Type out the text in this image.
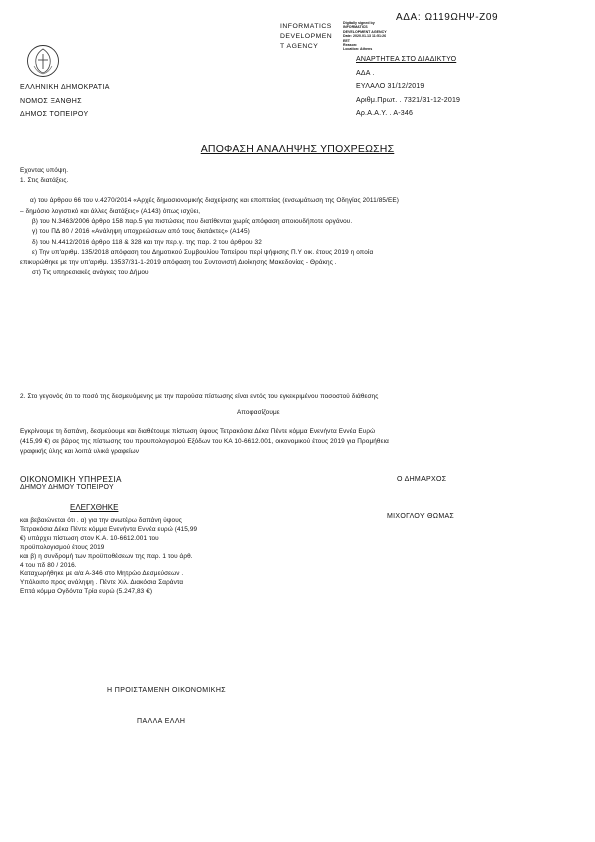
ΑΔΑ: Ω119ΩΗΨ-Ζ09
INFORMATICS
DEVELOPMEN
T AGENCY
Digitally signed by
INFORMATICS
DEVELOPMENT AGENCY
Date: 2020.01.13 11:51:26
EET
Reason:
Location: Athens
ΑΝΑΡΤΗΤΕΑ ΣΤΟ ΔΙΑΔΙΚΤΥΟ
ΑΔΑ .
ΕΥΛΑΛΟ 31/12/2019
Αριθμ.Πρωτ. . 7321/31-12-2019
Αρ.Α.Α.Υ. . Α-346
ΕΛΛΗΝΙΚΗ ΔΗΜΟΚΡΑΤΙΑ
ΝΟΜΟΣ ΞΑΝΘΗΣ
ΔΗΜΟΣ ΤΟΠΕΙΡΟΥ
ΑΠΟΦΑΣΗ ΑΝΑΛΗΨΗΣ ΥΠΟΧΡΕΩΣΗΣ
Εχοντας υπόψη.
1. Στις διατάξεις.
α) του άρθρου 66 του ν.4270/2014 «Αρχές δημοσιονομικής διαχείρισης και εποπτείας (ενσωμάτωση της Οδηγίας 2011/85/ΕΕ)
– δημόσιο λογιστικό και άλλες διατάξεις» (Α143) όπως ισχύει,
β) του Ν.3463/2006 άρθρο 158 παρ.5 για πιστώσεις που διατίθενται χωρίς απόφαση αποιουδήποτε οργάνου.
γ) του ΠΔ 80 / 2016 «Ανάληψη υποχρεώσεων από τους διατάκτες» (Α145)
δ) του Ν.4412/2016 άρθρο 118 & 328 και την περ.γ. της παρ. 2 του άρθρου 32
ε) Την υπ'αριθμ. 135/2018 απόφαση του Δημοτικού Συμβουλίου Τοπείρου περί ψήφισης Π.Υ οικ. έτους 2019 η οποία
επικυρώθηκε με την υπ'αριθμ. 13537/31-1-2019 απόφαση του Συντονιστή Διοίκησης Μακεδονίας - Θράκης .
στ) Τις υπηρεσιακές ανάγκες του Δήμου
2. Στο γεγονός ότι το ποσό της δεσμευόμενης με την παρούσα πίστωσης είναι εντός του εγκεκριμένου ποσοστού διάθεσης
Αποφασίζουμε
Εγκρίνουμε τη δαπάνη, δεσμεύουμε και διαθέτουμε πίστωση ύψους Τετρακόσια Δέκα Πέντε κόμμα Ενενήντα Εννέα Ευρώ
(415,99 €) σε βάρος της πίστωσης του προυπολογισμού Εξόδων του ΚΑ 10-6612.001, οικονομικού έτους 2019 για Προμήθεια
γραφικής ύλης και λοιπά υλικά γραφείων
ΟΙΚΟΝΟΜΙΚΗ ΥΠΗΡΕΣΙΑ
ΔΗΜΟΥ ΔΗΜΟΥ ΤΟΠΕΙΡΟΥ
ΕΛΕΓΧΘΗΚΕ
και βεβαιώνεται ότι . α) για την ανωτέρω δαπάνη ύψους
Τετρακόσια Δέκα Πέντε κόμμα Ενενήντα Εννέα ευρώ (415,99
€) υπάρχει πίστωση στον Κ.Α. 10-6612.001 του
προϋπολογισμού έτους 2019
και β) η συνδρομή των προϋποθέσεων της παρ. 1 του άρθ.
4 του πδ 80 / 2016.
Καταχωρήθηκε με α/α Α-346 στο Μητρώο Δεσμεύσεων .
Υπόλοιπο προς ανάληψη . Πέντε Χιλ. Διακόσια Σαράντα
Επτά κόμμα Ογδόντα Τρία ευρώ (5.247,83 €)
Ο ΔΗΜΑΡΧΟΣ
ΜΙΧΟΓΛΟΥ ΘΩΜΑΣ
Η ΠΡΟΙΣΤΑΜΕΝΗ ΟΙΚΟΝΟΜΙΚΗΣ
ΠΑΛΛΑ ΕΛΛΗ
